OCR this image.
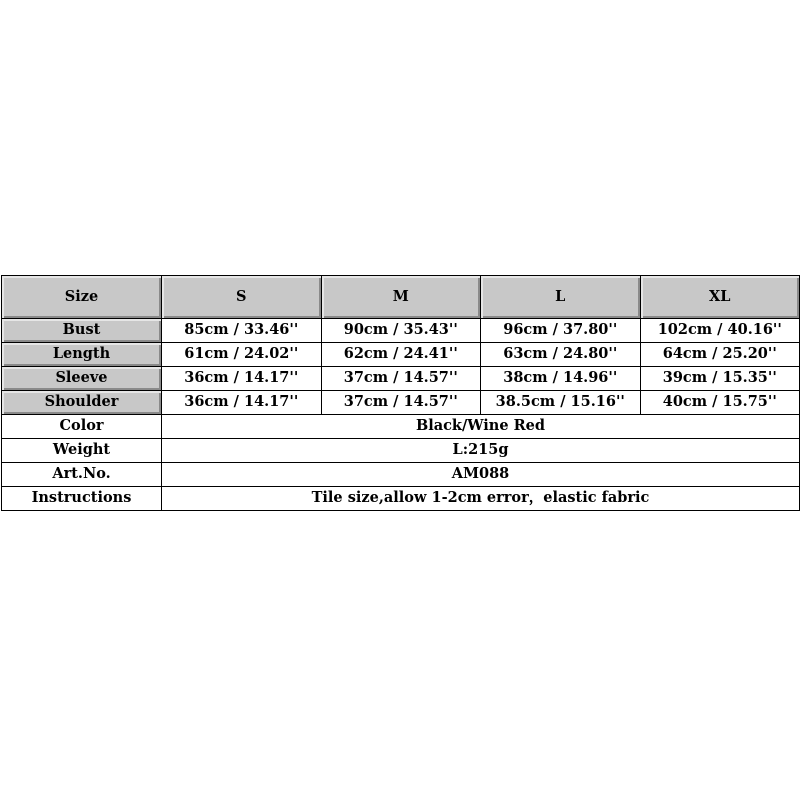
Size	S	M	L	XL
Bust	85cm / 33.46''	90cm / 35.43''	96cm / 37.80''	102cm / 40.16''
Length	61cm / 24.02''	62cm / 24.41''	63cm / 24.80''	64cm / 25.20''
Sleeve	36cm / 14.17''	37cm / 14.57''	38cm / 14.96''	39cm / 15.35''
Shoulder	36cm / 14.17''	37cm / 14.57''	38.5cm / 15.16''	40cm / 15.75''
Color	Black/Wine Red			
Weight	L:215g			
Art.No.	AM088			
Instructions	Tile size,allow 1-2cm error，elastic fabric			
